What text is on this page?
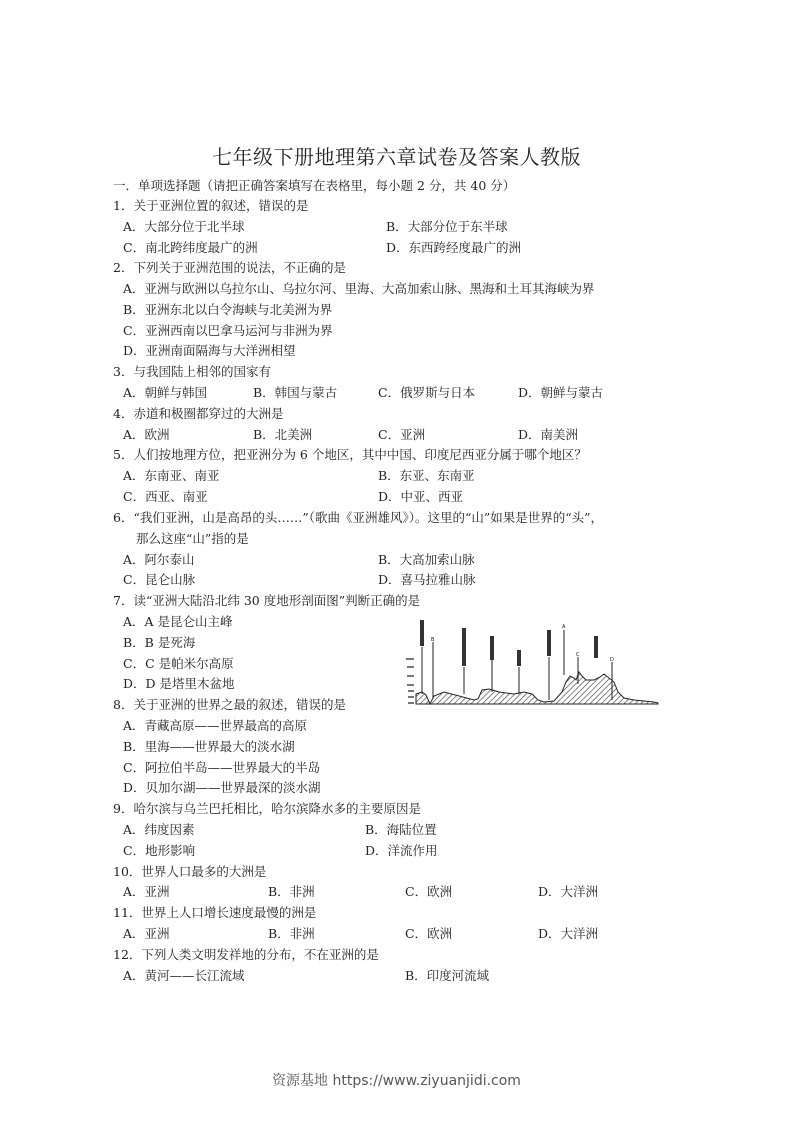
七年级下册地理第六章试卷及答案人教版
一．单项选择题（请把正确答案填写在表格里，每小题 2 分，共 40 分）
1．关于亚洲位置的叙述，错误的是
A．大部分位于北半球	B．大部分位于东半球
C．南北跨纬度最广的洲	D．东西跨经度最广的洲
2．下列关于亚洲范围的说法，不正确的是
A．亚洲与欧洲以乌拉尔山、乌拉尔河、里海、大高加索山脉、黑海和土耳其海峡为界
B．亚洲东北以白令海峡与北美洲为界
C．亚洲西南以巴拿马运河与非洲为界
D．亚洲南面隔海与大洋洲相望
3．与我国陆上相邻的国家有
A．朝鲜与韩国	B．韩国与蒙古	C．俄罗斯与日本	D．朝鲜与蒙古
4．赤道和极圈都穿过的大洲是
A．欧洲	B．北美洲	C．亚洲	D．南美洲
5．人们按地理方位，把亚洲分为 6 个地区，其中中国、印度尼西亚分属于哪个地区？
A．东南亚、南亚	B．东亚、东南亚
C．西亚、南亚	D．中亚、西亚
6．“我们亚洲，山是高昂的头……”（歌曲《亚洲雄风》）。这里的“山”如果是世界的“头”，
那么这座“山”指的是
A．阿尔泰山	B．大高加索山脉
C．昆仑山脉	D．喜马拉雅山脉
7．读“亚洲大陆沿北纬 30 度地形剖面图”判断正确的是
A．A 是昆仑山主峰
B．B 是死海
C．C 是帕米尔高原
D．D 是塔里木盆地
B
A
C
D
8．关于亚洲的世界之最的叙述，错误的是
A．青藏高原——世界最高的高原
B．里海——世界最大的淡水湖
C．阿拉伯半岛——世界最大的半岛
D．贝加尔湖——世界最深的淡水湖
9．哈尔滨与乌兰巴托相比，哈尔滨降水多的主要原因是
A．纬度因素	B．海陆位置
C．地形影响	D．洋流作用
10．世界人口最多的大洲是
A．亚洲	B．非洲	C．欧洲	D．大洋洲
11．世界上人口增长速度最慢的洲是
A．亚洲	B．非洲	C．欧洲	D．大洋洲
12．下列人类文明发祥地的分布，不在亚洲的是
A．黄河——长江流域	B．印度河流域
资源基地 https://www.ziyuanjidi.com
